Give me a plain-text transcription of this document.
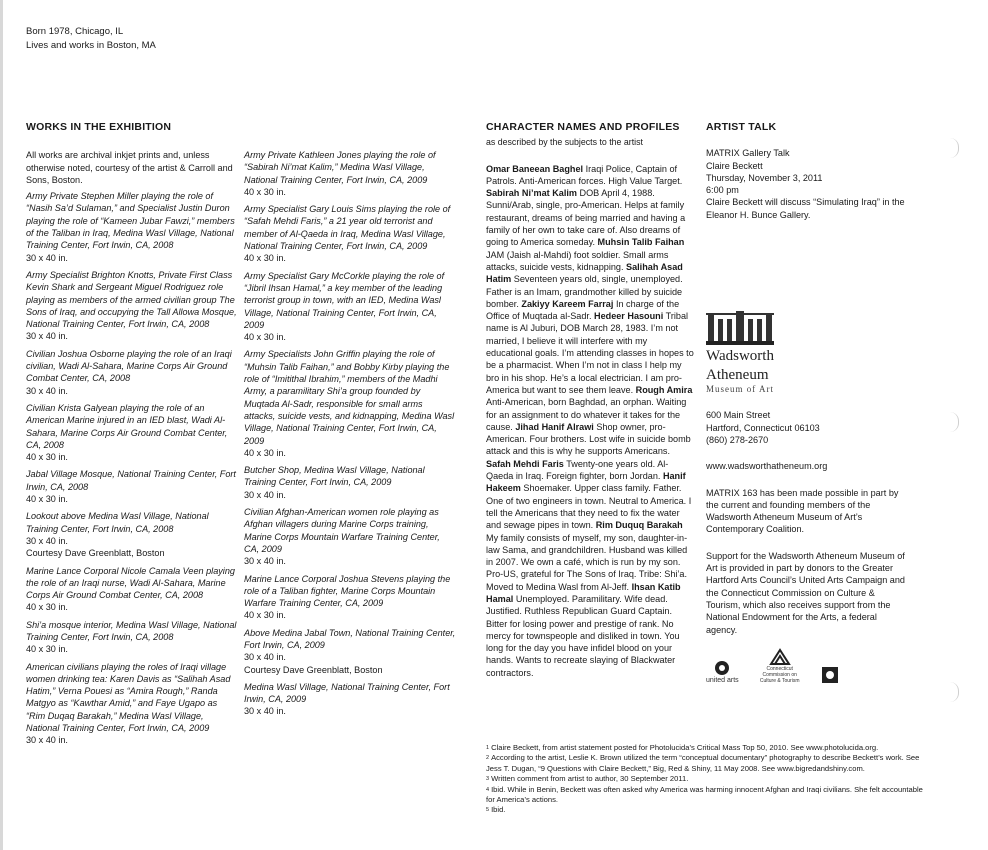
Born 1978, Chicago, IL
Lives and works in Boston, MA
WORKS IN THE EXHIBITION
All works are archival inkjet prints and, unless otherwise noted, courtesy of the artist & Carroll and Sons, Boston.
Army Private Stephen Miller playing the role of “Nasih Sa’d Sulaman,” and Specialist Justin Duron playing the role of “Kameen Jubar Fawzi,” members of the Taliban in Iraq, Medina Wasl Village, National Training Center, Fort Irwin, CA, 2008
30 x 40 in.
Army Specialist Brighton Knotts, Private First Class Kevin Shark and Sergeant Miguel Rodriguez role playing as members of the armed civilian group The Sons of Iraq, and occupying the Tall Allowa Mosque, National Training Center, Fort Irwin, CA, 2008
30 x 40 in.
Civilian Joshua Osborne playing the role of an Iraqi civilian, Wadi Al-Sahara, Marine Corps Air Ground Combat Center, CA, 2008
30 x 40 in.
Civilian Krista Galyean playing the role of an American Marine injured in an IED blast, Wadi Al-Sahara, Marine Corps Air Ground Combat Center, CA, 2008
40 x 30 in.
Jabal Village Mosque, National Training Center, Fort Irwin, CA, 2008
40 x 30 in.
Lookout above Medina Wasl Village, National Training Center, Fort Irwin, CA, 2008
30 x 40 in.
Courtesy Dave Greenblatt, Boston
Marine Lance Corporal Nicole Camala Veen playing the role of an Iraqi nurse, Wadi Al-Sahara, Marine Corps Air Ground Combat Center, CA, 2008
40 x 30 in.
Shi’a mosque interior, Medina Wasl Village, National Training Center, Fort Irwin, CA, 2008
40 x 30 in.
American civilians playing the roles of Iraqi village women drinking tea: Karen Davis as “Salihah Asad Hatim,” Verna Pouesi as “Amira Rough,” Randa Matgyo as “Kawthar Amid,” and Faye Ugapo as “Rim Duqaq Barakah,” Medina Wasl Village, National Training Center, Fort Irwin, CA, 2009
30 x 40 in.
Army Private Kathleen Jones playing the role of “Sabirah Ni’mat Kalim,” Medina Wasl Village, National Training Center, Fort Irwin, CA, 2009
40 x 30 in.
Army Specialist Gary Louis Sims playing the role of “Safah Mehdi Faris,” a 21 year old terrorist and member of Al-Qaeda in Iraq, Medina Wasl Village, National Training Center, Fort Irwin, CA, 2009
40 x 30 in.
Army Specialist Gary McCorkle playing the role of “Jibril Ihsan Hamal,” a key member of the leading terrorist group in town, with an IED, Medina Wasl Village, National Training Center, Fort Irwin, CA, 2009
40 x 30 in.
Army Specialists John Griffin playing the role of “Muhsin Talib Faihan,” and Bobby Kirby playing the role of “Imitithal Ibrahim,” members of the Madhi Army, a paramilitary Shi’a group founded by Muqtada Al-Sadr, responsible for small arms attacks, suicide vests, and kidnapping, Medina Wasl Village, National Training Center, Fort Irwin, CA, 2009
40 x 30 in.
Butcher Shop, Medina Wasl Village, National Training Center, Fort Irwin, CA, 2009
30 x 40 in.
Civilian Afghan-American women role playing as Afghan villagers during Marine Corps training, Marine Corps Mountain Warfare Training Center, CA, 2009
30 x 40 in.
Marine Lance Corporal Joshua Stevens playing the role of a Taliban fighter, Marine Corps Mountain Warfare Training Center, CA, 2009
40 x 30 in.
Above Medina Jabal Town, National Training Center, Fort Irwin, CA, 2009
30 x 40 in.
Courtesy Dave Greenblatt, Boston
Medina Wasl Village, National Training Center, Fort Irwin, CA, 2009
30 x 40 in.
CHARACTER NAMES AND PROFILES
as described by the subjects to the artist
Omar Baneean Baghel Iraqi Police, Captain of Patrols. Anti-American forces. High Value Target. Sabirah Ni’mat Kalim DOB April 4, 1988. Sunni/Arab, single, pro-American. Helps at family restaurant, dreams of being married and having a family of her own to take care of. Also dreams of going to America someday. Muhsin Talib Faihan JAM (Jaish al-Mahdi) foot soldier. Small arms attacks, suicide vests, kidnapping. Salihah Asad Hatim Seventeen years old, single, unemployed. Father is an Imam, grandmother killed by suicide bomber. Zakiyy Kareem Farraj In charge of the Office of Muqtada al-Sadr. Hedeer Hasouni Tribal name is Al Juburi, DOB March 28, 1983. I’m not married, I believe it will interfere with my educational goals. I’m attending classes in hopes to be a pharmacist. When I’m not in class I help my bro in his shop. He’s a local electrician. I am pro-America but want to see them leave. Rough Amira Anti-American, born Baghdad, an orphan. Waiting for an assignment to do whatever it takes for the cause. Jihad Hanif Alrawi Shop owner, pro-American. Four brothers. Lost wife in suicide bomb attack and this is why he supports Americans. Safah Mehdi Faris Twenty-one years old. Al-Qaeda in Iraq. Foreign fighter, born Jordan. Hanif Hakeem Shoemaker. Upper class family. Father. One of two engineers in town. Neutral to America. I tell the Americans that they need to fix the water and sewage pipes in town. Rim Duquq Barakah My family consists of myself, my son, daughter-in-law Sama, and grandchildren. Husband was killed in 2007. We own a café, which is run by my son. Pro-US, grateful for The Sons of Iraq. Tribe: Shi’a. Moved to Medina Wasl from Al-Jeff. Ihsan Katib Hamal Unemployed. Paramilitary. Wife dead. Justified. Ruthless Republican Guard Captain. Bitter for losing power and prestige of rank. No mercy for townspeople and disliked in town. You long for the day you have infidel blood on your hands. Wants to recreate slaying of Blackwater contractors.
ARTIST TALK
MATRIX Gallery Talk
Claire Beckett
Thursday, November 3, 2011
6:00 pm
Claire Beckett will discuss “Simulating Iraq” in the Eleanor H. Bunce Gallery.
Wadsworth
Atheneum
Museum of Art
600 Main Street
Hartford, Connecticut 06103
(860) 278-2670
www.wadsworthatheneum.org
MATRIX 163 has been made possible in part by the current and founding members of the Wadsworth Atheneum Museum of Art’s Contemporary Coalition.
Support for the Wadsworth Atheneum Museum of Art is provided in part by donors to the Greater Hartford Arts Council’s United Arts Campaign and the Connecticut Commission on Culture & Tourism, which also receives support from the National Endowment for the Arts, a federal agency.
united arts
Connecticut Commission on Culture & Tourism
$^1$ Claire Beckett, from artist statement posted for Photolucida’s Critical Mass Top 50, 2010. See www.photolucida.org.
$^2$ According to the artist, Leslie K. Brown utilized the term “conceptual documentary” photography to describe Beckett’s work. See Jess T. Dugan, “9 Questions with Claire Beckett,” Big, Red & Shiny, 11 May 2008. See www.bigredandshiny.com.
$^3$ Written comment from artist to author, 30 September 2011.
$^4$ Ibid. While in Benin, Beckett was often asked why America was harming innocent Afghan and Iraqi civilians. She felt accountable for America’s actions.
$^5$ Ibid.
